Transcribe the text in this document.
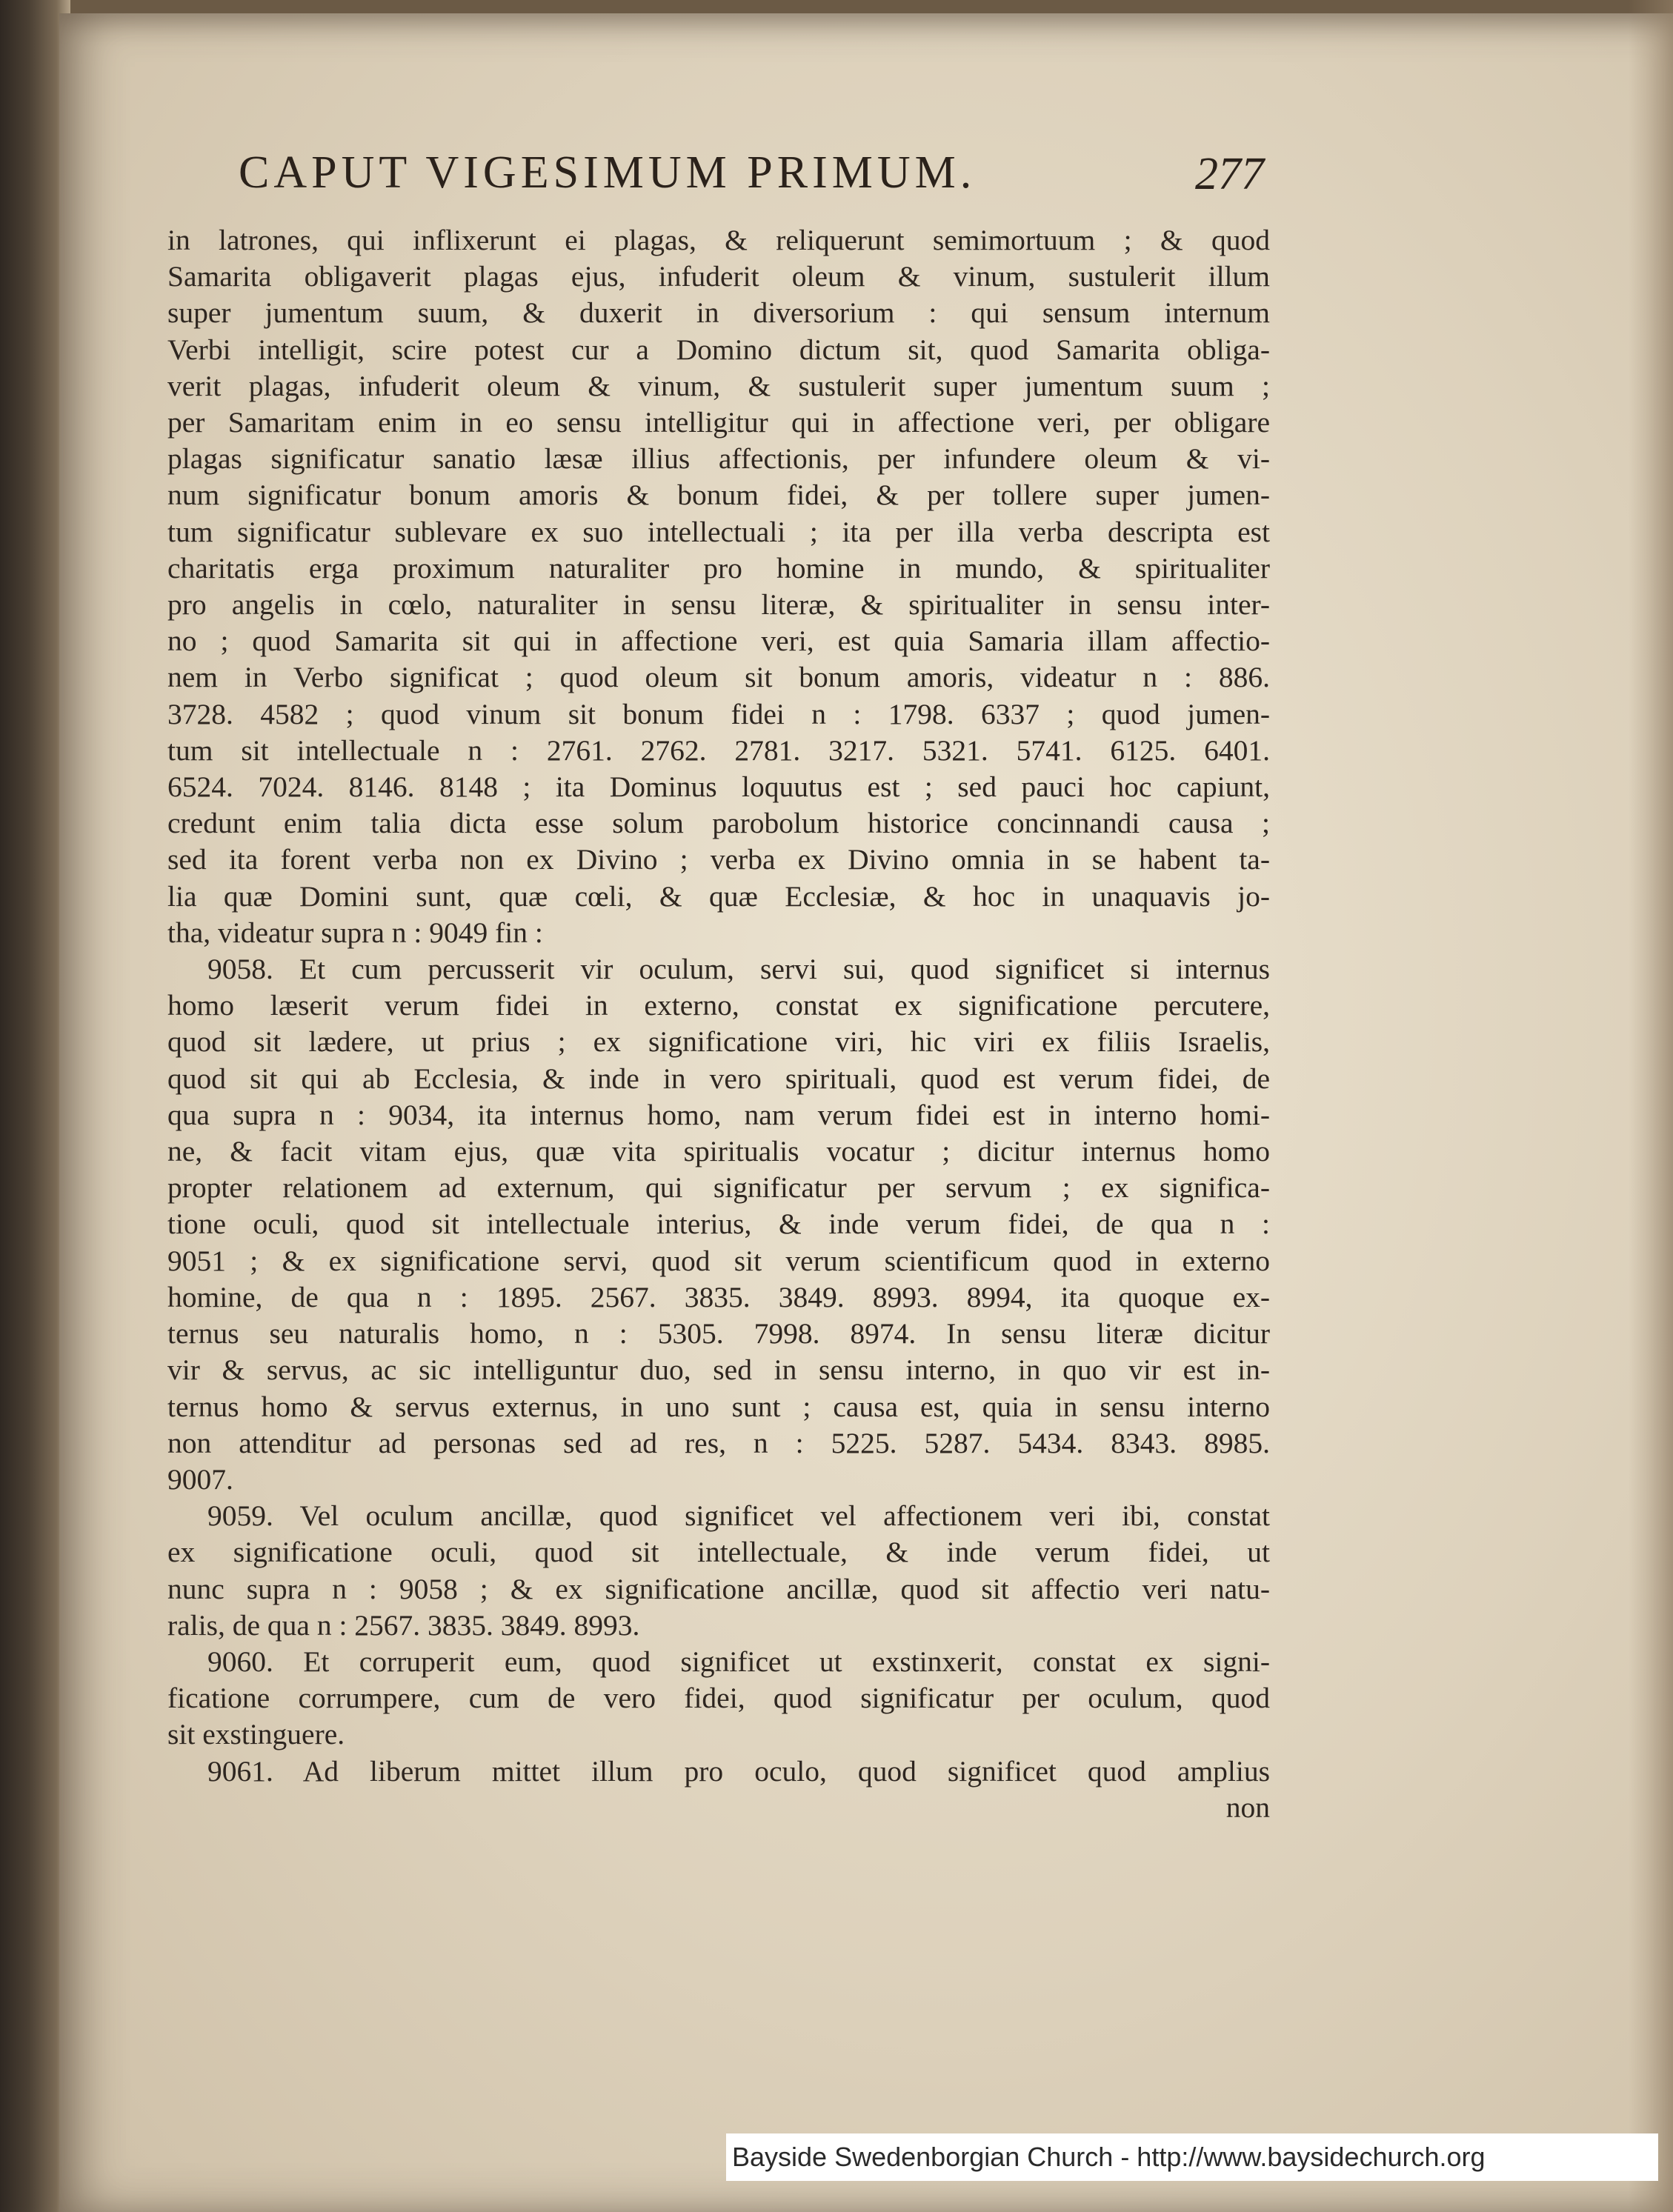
CAPUT VIGESIMUM PRIMUM.	277
in latrones, qui inflixerunt ei plagas, & reliquerunt semimortuum ; & quod
Samarita obligaverit plagas ejus, infuderit oleum & vinum, sustulerit illum
super jumentum suum, & duxerit in diversorium : qui sensum internum
Verbi intelligit, scire potest cur a Domino dictum sit, quod Samarita obliga-
verit plagas, infuderit oleum & vinum, & sustulerit super jumentum suum ;
per Samaritam enim in eo sensu intelligitur qui in affectione veri, per obligare
plagas significatur sanatio læsæ illius affectionis, per infundere oleum & vi-
num significatur bonum amoris & bonum fidei, & per tollere super jumen-
tum significatur sublevare ex suo intellectuali ; ita per illa verba descripta est
charitatis erga proximum naturaliter pro homine in mundo, & spiritualiter
pro angelis in cœlo, naturaliter in sensu literæ, & spiritualiter in sensu inter-
no ; quod Samarita sit qui in affectione veri, est quia Samaria illam affectio-
nem in Verbo significat ; quod oleum sit bonum amoris, videatur n : 886.
3728. 4582 ; quod vinum sit bonum fidei n : 1798. 6337 ; quod jumen-
tum sit intellectuale n : 2761. 2762. 2781. 3217. 5321. 5741. 6125. 6401.
6524. 7024. 8146. 8148 ; ita Dominus loquutus est ; sed pauci hoc capiunt,
credunt enim talia dicta esse solum parobolum historice concinnandi causa ;
sed ita forent verba non ex Divino ; verba ex Divino omnia in se habent ta-
lia quæ Domini sunt, quæ cœli, & quæ Ecclesiæ, & hoc in unaquavis jo-
tha, videatur supra n : 9049 fin :
9058. Et cum percusserit vir oculum, servi sui, quod significet si internus
homo læserit verum fidei in externo, constat ex significatione percutere,
quod sit lædere, ut prius ; ex significatione viri, hic viri ex filiis Israelis,
quod sit qui ab Ecclesia, & inde in vero spirituali, quod est verum fidei, de
qua supra n : 9034, ita internus homo, nam verum fidei est in interno homi-
ne, & facit vitam ejus, quæ vita spiritualis vocatur ; dicitur internus homo
propter relationem ad externum, qui significatur per servum ; ex significa-
tione oculi, quod sit intellectuale interius, & inde verum fidei, de qua n :
9051 ; & ex significatione servi, quod sit verum scientificum quod in externo
homine, de qua n : 1895. 2567. 3835. 3849. 8993. 8994, ita quoque ex-
ternus seu naturalis homo, n : 5305. 7998. 8974. In sensu literæ dicitur
vir & servus, ac sic intelliguntur duo, sed in sensu interno, in quo vir est in-
ternus homo & servus externus, in uno sunt ; causa est, quia in sensu interno
non attenditur ad personas sed ad res, n : 5225. 5287. 5434. 8343. 8985.
9007.
9059. Vel oculum ancillæ, quod significet vel affectionem veri ibi, constat
ex significatione oculi, quod sit intellectuale, & inde verum fidei, ut
nunc supra n : 9058 ; & ex significatione ancillæ, quod sit affectio veri natu-
ralis, de qua n : 2567. 3835. 3849. 8993.
9060. Et corruperit eum, quod significet ut exstinxerit, constat ex signi-
ficatione corrumpere, cum de vero fidei, quod significatur per oculum, quod
sit exstinguere.
9061. Ad liberum mittet illum pro oculo, quod significet quod amplius
non
Bayside Swedenborgian Church - http://www.baysidechurch.org
